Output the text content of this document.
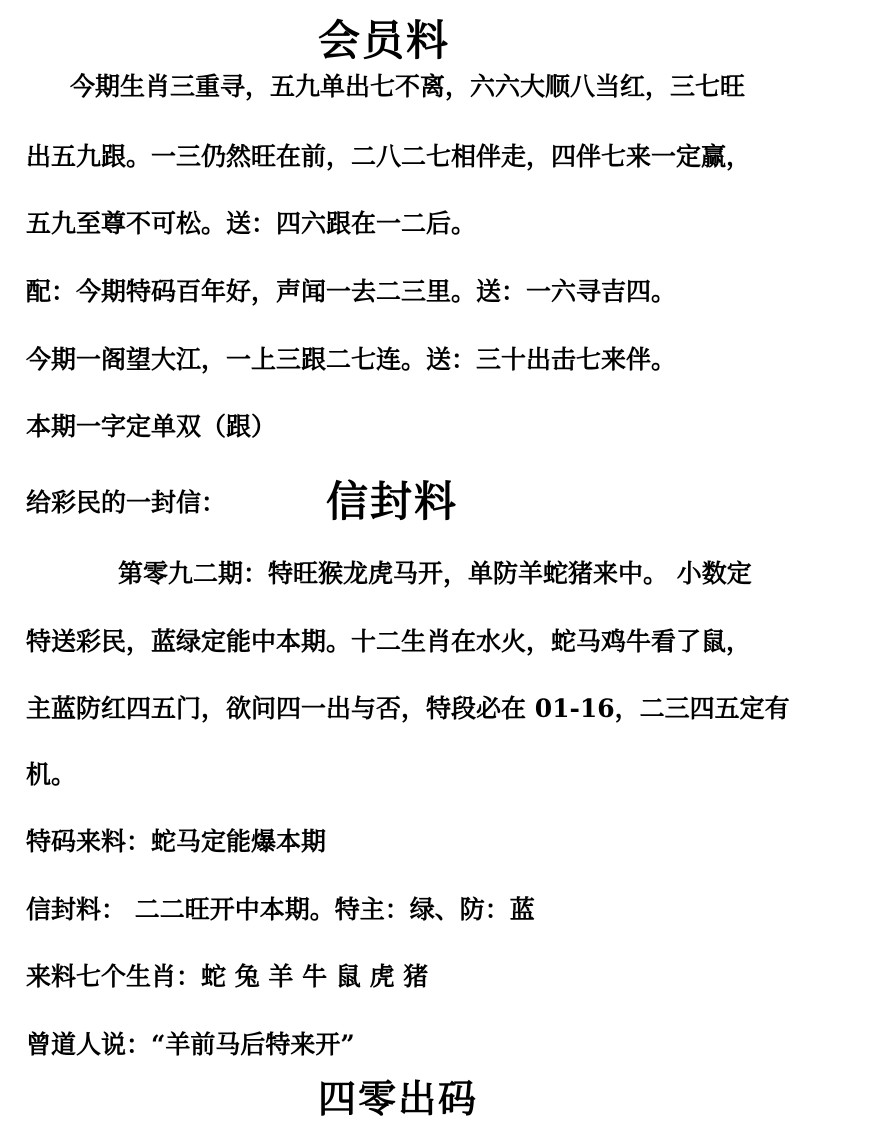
会员料
今期生肖三重寻，五九单出七不离，六六大顺八当红，三七旺
出五九跟。一三仍然旺在前，二八二七相伴走，四伴七来一定赢，
五九至尊不可松。送：四六跟在一二后。
配：今期特码百年好，声闻一去二三里。送：一六寻吉四。
今期一阁望大江，一上三跟二七连。送：三十出击七来伴。
本期一字定单双（跟）
给彩民的一封信： 信封料
第零九二期：特旺猴龙虎马开，单防羊蛇猪来中。 小数定
特送彩民，蓝绿定能中本期。十二生肖在水火，蛇马鸡牛看了鼠，
主蓝防红四五门，欲问四一出与否，特段必在 01-16，二三四五定有
机。
特码来料：蛇马定能爆本期
信封料： 二二旺开中本期。特主：绿、防：蓝
来料七个生肖：蛇 兔 羊 牛 鼠 虎 猪
曾道人说：“羊前马后特来开”
四零出码
